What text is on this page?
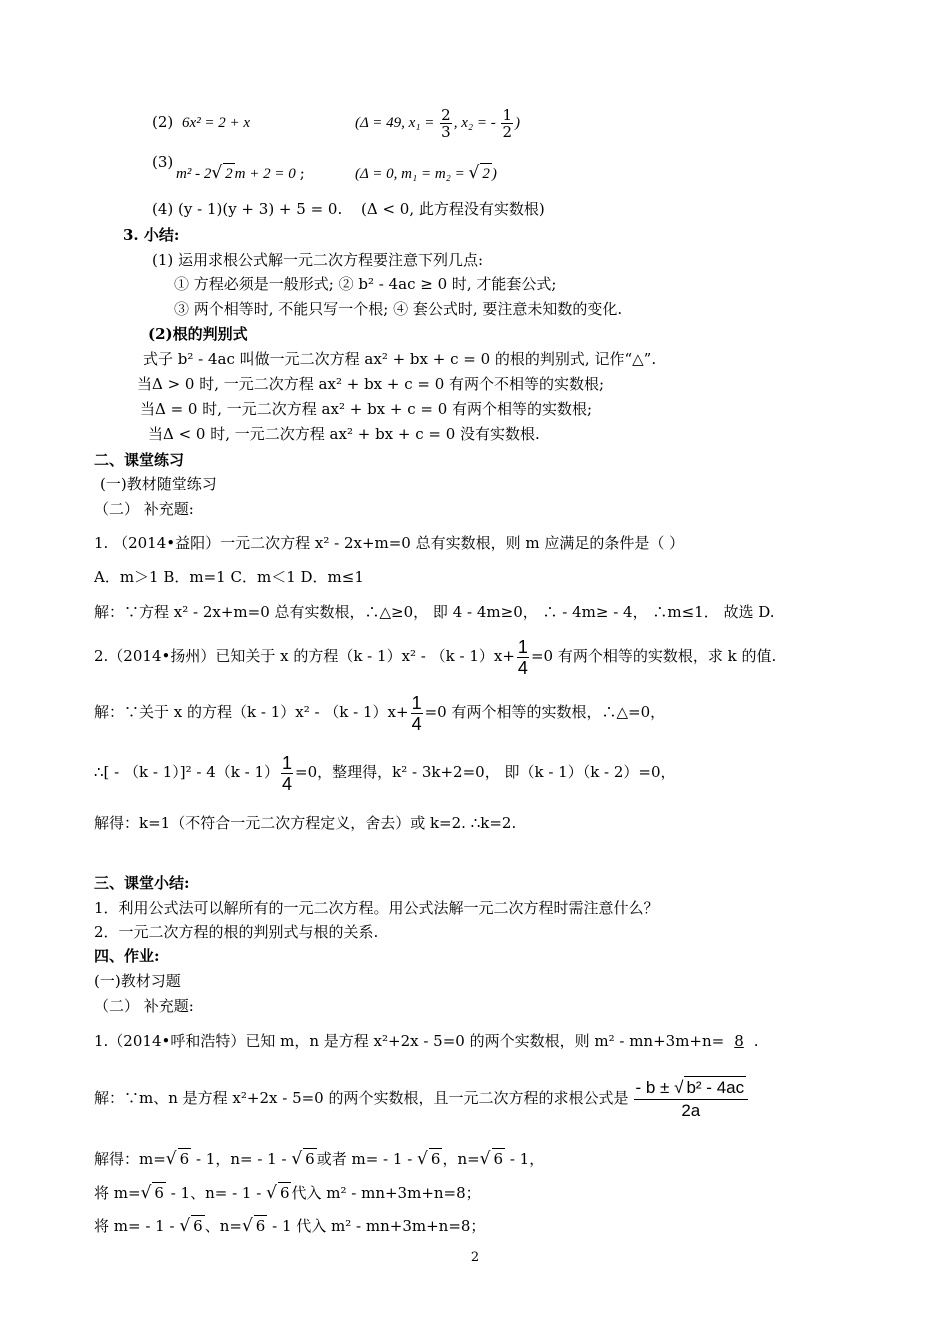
(2) 6x² = 2 + x	(Δ = 49, $x_1 = \frac{2}{3}$ , x₂ = - $\frac{1}{2}$ )
(3)
m² - 2√ 2 m + 2 = 0 ;	(Δ = 0, m₁ = m₂ = √ 2 )
(4) (y - 1)(y + 3) + 5 = 0. (Δ < 0, 此方程没有实数根)
3. 小结:
(1) 运用求根公式解一元二次方程要注意下列几点:
① 方程必须是一般形式; ② b² - 4ac ≥ 0 时, 才能套公式;
③ 两个相等时, 不能只写一个根; ④ 套公式时, 要注意未知数的变化.
(2)根的判别式
式子 b² - 4ac 叫做一元二次方程 ax² + bx + c = 0 的根的判别式, 记作“△”.
当Δ > 0 时, 一元二次方程 ax² + bx + c = 0 有两个不相等的实数根;
当Δ = 0 时, 一元二次方程 ax² + bx + c = 0 有两个相等的实数根;
当Δ < 0 时, 一元二次方程 ax² + bx + c = 0 没有实数根.
二、课堂练习
(一)教材随堂练习
（二） 补充题:
1. （2014•益阳）一元二次方程 x² - 2x+m=0 总有实数根，则 m 应满足的条件是（ ）
A．m＞1 B．m=1 C．m＜1 D．m≤1
解：∵方程 x² - 2x+m=0 总有实数根，∴△≥0， 即 4 - 4m≥0， ∴ - 4m≥ - 4， ∴m≤1． 故选 D.
2.（2014•扬州）已知关于 x 的方程$(k - 1)x^2 - (k - 1)x+ \frac{1}{4} =0$ 有两个相等的实数根，求 k 的值.
解：∵关于 x 的方程$(k - 1)x^2 - (k - 1)x+ \frac{1}{4} =0$ 有两个相等的实数根，∴△=0，
∴[ - $(k - 1)]^2 - 4(k - 1) \frac{1}{4} =0$，整理得，k² - 3k+2=0， 即（k - 1）（k - 2）=0，
解得：k=1（不符合一元二次方程定义，舍去）或 k=2. ∴k=2.
三、课堂小结:
1．利用公式法可以解所有的一元二次方程。用公式法解一元二次方程时需注意什么？
2．一元二次方程的根的判别式与根的关系.
四、作业:
(一)教材习题
（二） 补充题:
1.（2014•呼和浩特）已知 m，n 是方程 x²+2x - 5=0 的两个实数根，则 m² - mn+3m+n= 8 .
解：∵m、n 是方程 x²+2x - 5=0 的两个实数根，且一元二次方程的求根公式是 $\frac{\text{- b ± √ b² - 4ac}}{2a}$
解得：m=√ 6 - 1，n= - 1 - √ 6 或者 m= - 1 - √ 6 ，n=√ 6 - 1，
将 m=√ 6 - 1、n= - 1 - √ 6 代入 m² - mn+3m+n=8；
将 m= - 1 - √ 6 、n=√ 6 - 1 代入 m² - mn+3m+n=8；
2
